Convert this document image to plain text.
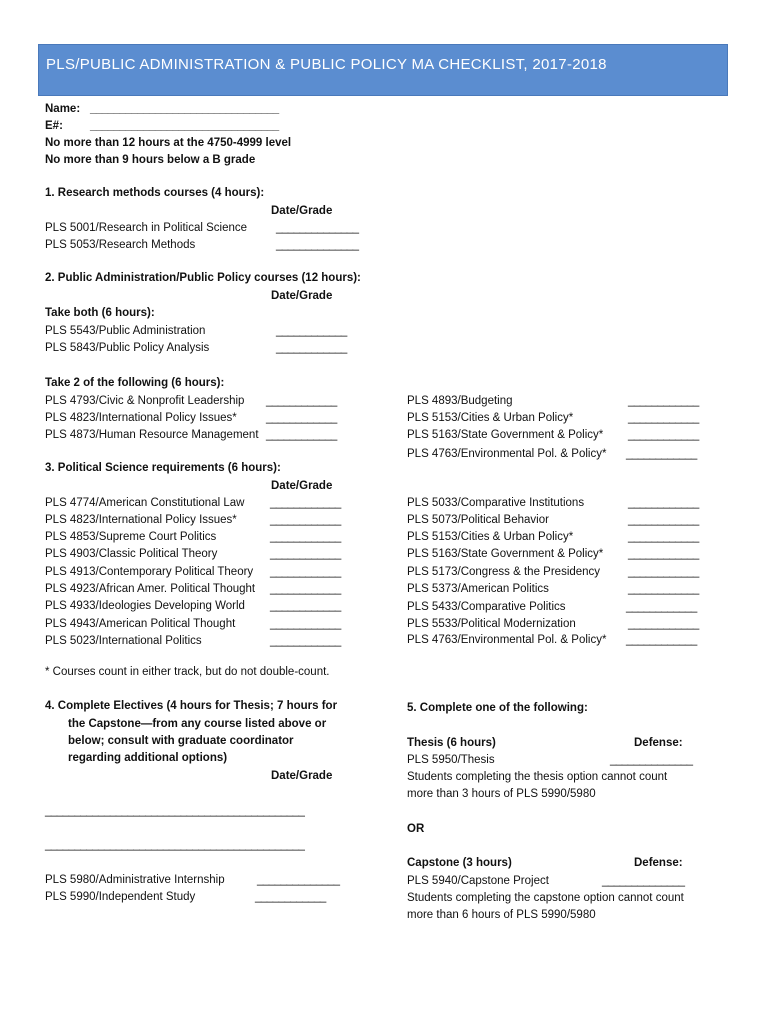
PLS/PUBLIC ADMINISTRATION & PUBLIC POLICY MA CHECKLIST, 2017-2018
Name: ________________________________
E#: ________________________________
No more than 12 hours at the 4750-4999 level
No more than 9 hours below a B grade
1. Research methods courses (4 hours):
Date/Grade
PLS 5001/Research in Political Science	______________
PLS 5053/Research Methods	______________
2. Public Administration/Public Policy courses (12 hours):
Date/Grade
Take both (6 hours):
PLS 5543/Public Administration	____________
PLS 5843/Public Policy Analysis	____________
Take 2 of the following (6 hours):
PLS 4793/Civic & Nonprofit Leadership ____________
PLS 4823/International Policy Issues*	____________
PLS 4873/Human Resource Management ____________
PLS 4893/Budgeting	____________
PLS 5153/Cities & Urban Policy*	____________
PLS 5163/State Government & Policy* ____________
PLS 4763/Environmental Pol. & Policy* ____________
3. Political Science requirements (6 hours):
Date/Grade
PLS 4774/American Constitutional Law ____________
PLS 4823/International Policy Issues*	____________
PLS 4853/Supreme Court Politics	____________
PLS 4903/Classic Political Theory	____________
PLS 4913/Contemporary Political Theory ____________
PLS 4923/African Amer. Political Thought ____________
PLS 4933/Ideologies Developing World ____________
PLS 4943/American Political Thought	____________
PLS 5023/International Politics	____________
PLS 5033/Comparative Institutions	____________
PLS 5073/Political Behavior	____________
PLS 5153/Cities & Urban Policy*	____________
PLS 5163/State Government & Policy* ____________
PLS 5173/Congress & the Presidency ____________
PLS 5373/American Politics	____________
PLS 5433/Comparative Politics	____________
PLS 5533/Political Modernization	____________
PLS 4763/Environmental Pol. & Policy* ____________
* Courses count in either track, but do not double-count.
4. Complete Electives (4 hours for Thesis; 7 hours for
the Capstone—from any course listed above or
below; consult with graduate coordinator
regarding additional options)
Date/Grade
____________________________________________
____________________________________________
PLS 5980/Administrative Internship	______________
PLS 5990/Independent Study	____________
5. Complete one of the following:
Thesis (6 hours)	Defense:
PLS 5950/Thesis	______________
Students completing the thesis option cannot count
more than 3 hours of PLS 5990/5980
OR
Capstone (3 hours)	Defense:
PLS 5940/Capstone Project	______________
Students completing the capstone option cannot count
more than 6 hours of PLS 5990/5980
